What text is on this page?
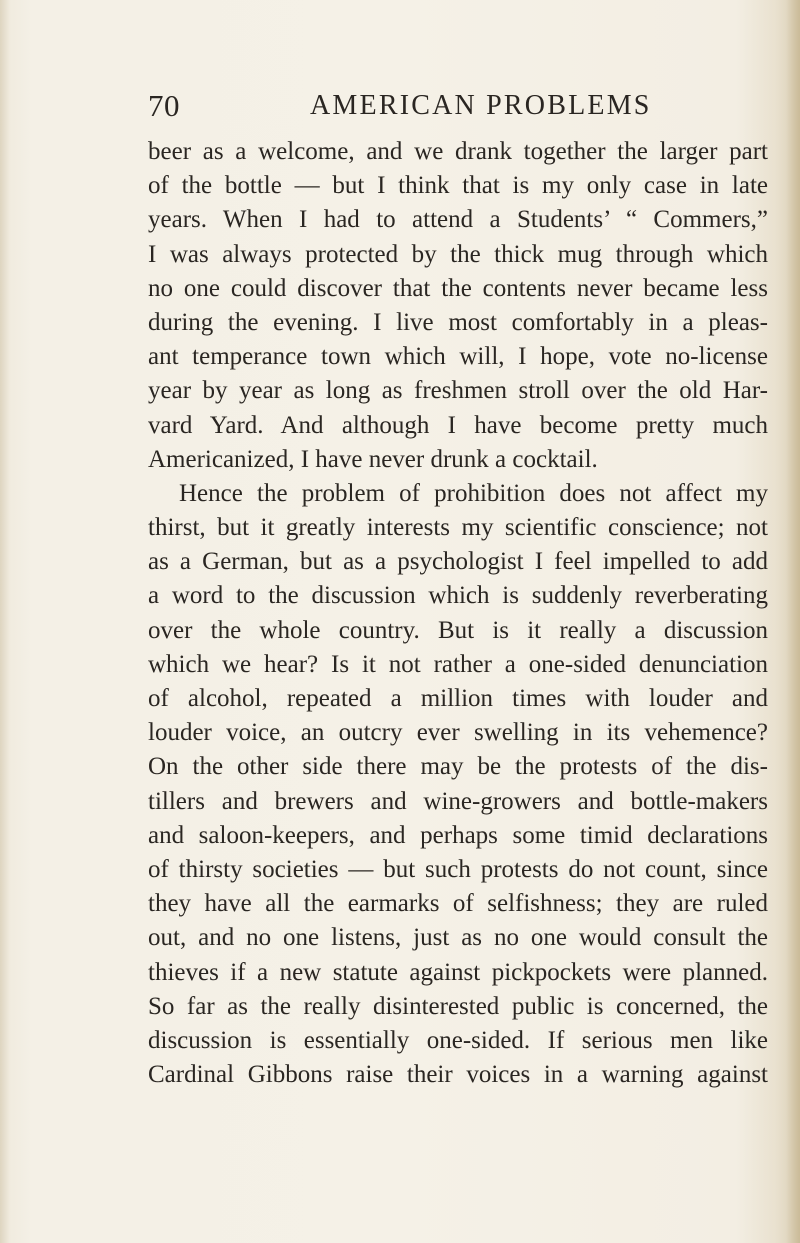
70	AMERICAN PROBLEMS
beer as a welcome, and we drank together the larger part
of the bottle — but I think that is my only case in late
years. When I had to attend a Students’ “ Commers,”
I was always protected by the thick mug through which
no one could discover that the contents never became less
during the evening. I live most comfortably in a pleas-
ant temperance town which will, I hope, vote no-license
year by year as long as freshmen stroll over the old Har-
vard Yard. And although I have become pretty much
Americanized, I have never drunk a cocktail.
Hence the problem of prohibition does not affect my
thirst, but it greatly interests my scientific conscience; not
as a German, but as a psychologist I feel impelled to add
a word to the discussion which is suddenly reverberating
over the whole country. But is it really a discussion
which we hear? Is it not rather a one-sided denunciation
of alcohol, repeated a million times with louder and
louder voice, an outcry ever swelling in its vehemence?
On the other side there may be the protests of the dis-
tillers and brewers and wine-growers and bottle-makers
and saloon-keepers, and perhaps some timid declarations
of thirsty societies — but such protests do not count, since
they have all the earmarks of selfishness; they are ruled
out, and no one listens, just as no one would consult the
thieves if a new statute against pickpockets were planned.
So far as the really disinterested public is concerned, the
discussion is essentially one-sided. If serious men like
Cardinal Gibbons raise their voices in a warning against
